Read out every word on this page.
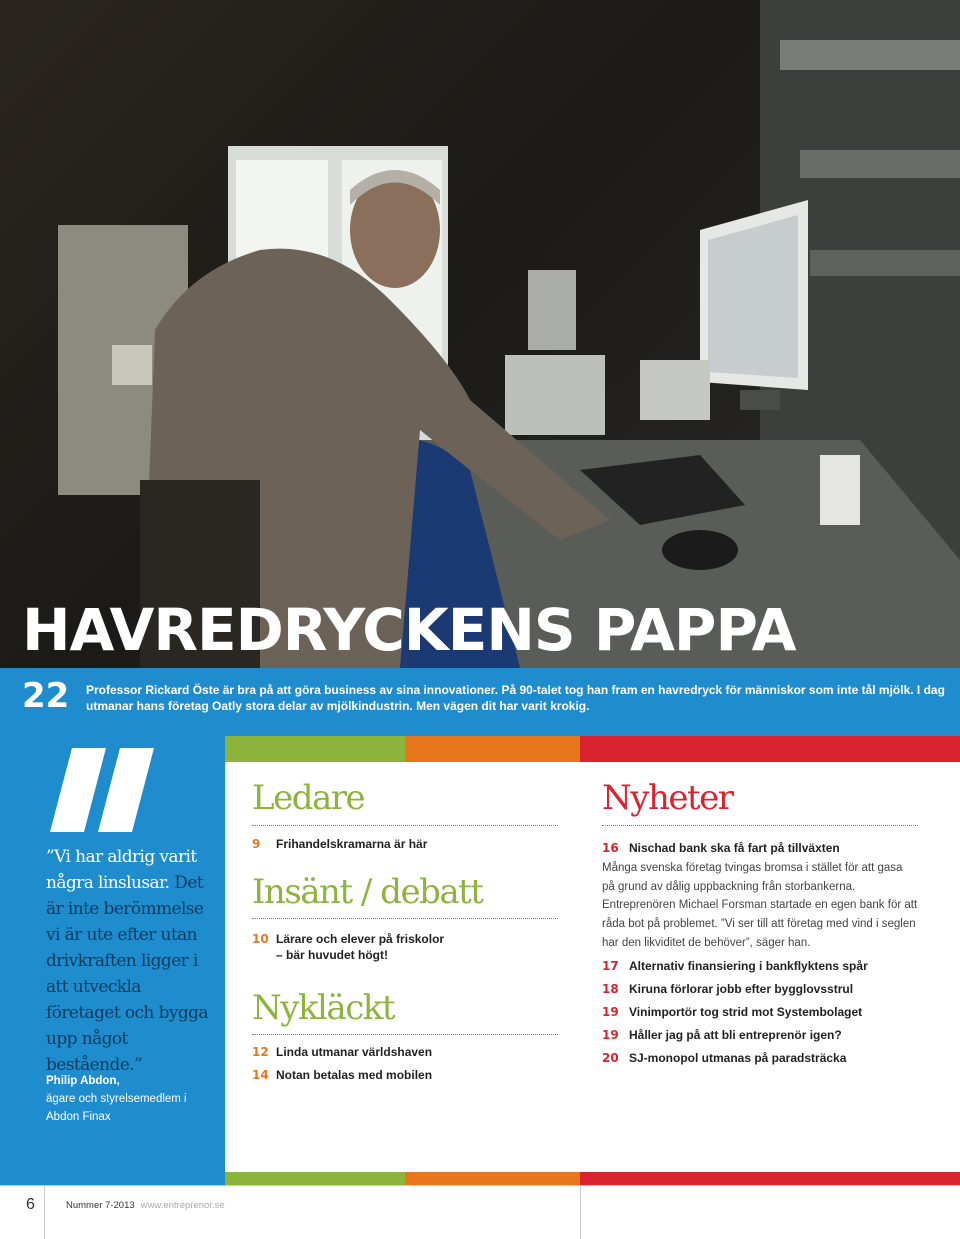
HAVREDRYCKENS PAPPA
22 Professor Rickard Öste är bra på att göra business av sina innovationer. På 90-talet tog han fram en havredryck för människor som inte tål mjölk. I dag utmanar hans företag Oatly stora delar av mjölkindustrin. Men vägen dit har varit krokig.

”Vi har aldrig varit några linslusar. Det är inte berömmelse vi är ute efter utan drivkraften ligger i att utveckla företaget och bygga upp något bestående.”

Philip Abdon,
ägare och styrelsemedlem i Abdon Finax
Ledare
9 Frihandelskramarna är här
Insänt / debatt
10 Lärare och elever på friskolor
– bär huvudet högt!
Nykläckt
12 Linda utmanar världshaven
14 Notan betalas med mobilen
Nyheter
16 Nischad bank ska få fart på tillväxten

Många svenska företag tvingas bromsa i stället för att gasa på grund av dålig uppbackning från storbankerna. Entreprenören Michael Forsman startade en egen bank för att råda bot på problemet. ”Vi ser till att företag med vind i seglen har den likviditet de behöver”, säger han.

17 Alternativ finansiering i bankflyktens spår
18 Kiruna förlorar jobb efter bygglovsstrul
19 Vinimportör tog strid mot Systembolaget
19 Håller jag på att bli entreprenör igen?
20 SJ-monopol utmanas på paradsträcka
6	Nummer 7-2013 www.entreprenor.se
